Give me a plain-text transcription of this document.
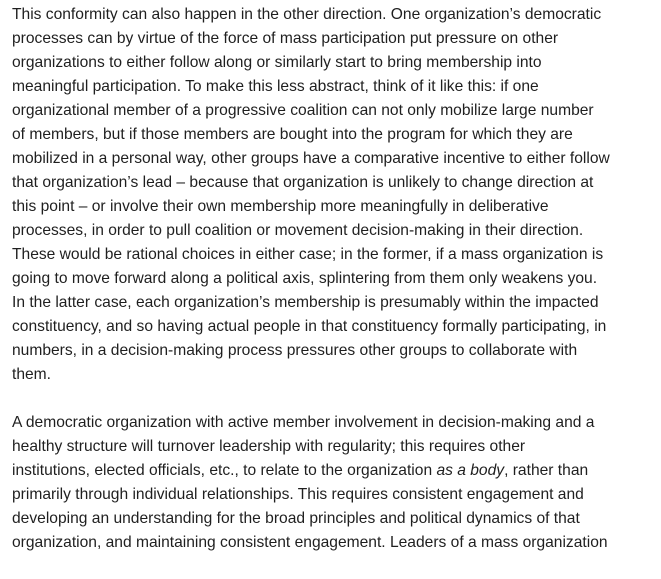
This conformity can also happen in the other direction. One organization’s democratic
processes can by virtue of the force of mass participation put pressure on other
organizations to either follow along or similarly start to bring membership into
meaningful participation. To make this less abstract, think of it like this: if one
organizational member of a progressive coalition can not only mobilize large number
of members, but if those members are bought into the program for which they are
mobilized in a personal way, other groups have a comparative incentive to either follow
that organization’s lead – because that organization is unlikely to change direction at
this point – or involve their own membership more meaningfully in deliberative
processes, in order to pull coalition or movement decision-making in their direction.
These would be rational choices in either case; in the former, if a mass organization is
going to move forward along a political axis, splintering from them only weakens you.
In the latter case, each organization’s membership is presumably within the impacted
constituency, and so having actual people in that constituency formally participating, in
numbers, in a decision-making process pressures other groups to collaborate with
them.

A democratic organization with active member involvement in decision-making and a
healthy structure will turnover leadership with regularity; this requires other
institutions, elected officials, etc., to relate to the organization as a body, rather than
primarily through individual relationships. This requires consistent engagement and
developing an understanding for the broad principles and political dynamics of that
organization, and maintaining consistent engagement. Leaders of a mass organization
